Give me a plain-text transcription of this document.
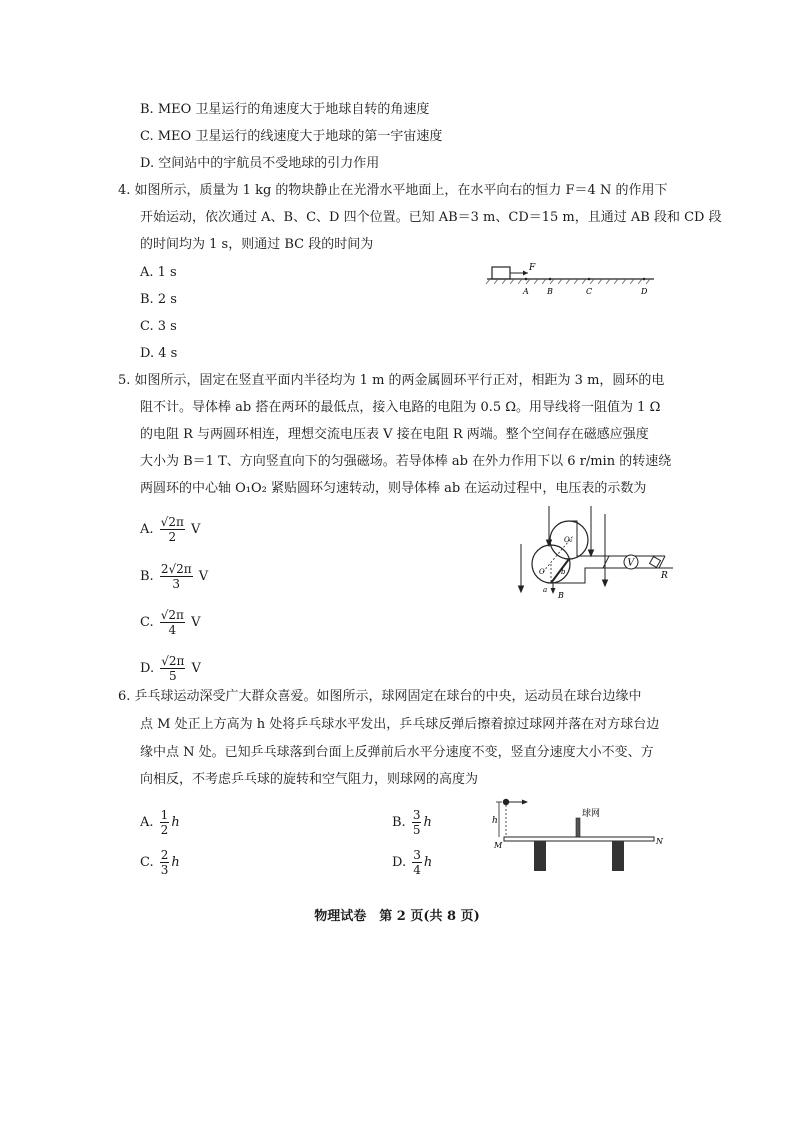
B. MEO 卫星运行的角速度大于地球自转的角速度
C. MEO 卫星运行的线速度大于地球的第一宇宙速度
D. 空间站中的宇航员不受地球的引力作用
4. 如图所示，质量为 1 kg 的物块静止在光滑水平地面上，在水平向右的恒力 F＝4 N 的作用下
开始运动，依次通过 A、B、C、D 四个位置。已知 AB＝3 m、CD＝15 m，且通过 AB 段和 CD 段
的时间均为 1 s，则通过 BC 段的时间为
A. 1 s
B. 2 s
C. 3 s
D. 4 s
F
A B	C	D
5. 如图所示，固定在竖直平面内半径均为 1 m 的两金属圆环平行正对，相距为 3 m，圆环的电
阻不计。导体棒 ab 搭在两环的最低点，接入电路的电阻为 0.5 Ω。用导线将一阻值为 1 Ω
的电阻 R 与两圆环相连，理想交流电压表 V 接在电阻 R 两端。整个空间存在磁感应强度
大小为 B＝1 T、方向竖直向下的匀强磁场。若导体棒 ab 在外力作用下以 6 r/min 的转速绕
两圆环的中心轴 O₁O₂ 紧贴圆环匀速转动，则导体棒 ab 在运动过程中，电压表的示数为
A. $\frac{√2\pi}{2}$ V
B. $\frac{2√2\pi}{3}$ V
C. $\frac{√2\pi}{4}$ V
D. $\frac{√2\pi}{5}$ V
V
R
O₂
O b
a
B
6. 乒乓球运动深受广大群众喜爱。如图所示，球网固定在球台的中央，运动员在球台边缘中
点 M 处正上方高为 h 处将乒乓球水平发出，乒乓球反弹后擦着掠过球网并落在对方球台边
缘中点 N 处。已知乒乓球落到台面上反弹前后水平分速度不变，竖直分速度大小不变、方
向相反，不考虑乒乓球的旋转和空气阻力，则球网的高度为
A. $\frac{1}{2}$ h	B. $\frac{3}{5}$ h
C. $\frac{2}{3}$ h	D. $\frac{3}{4}$ h
h
球网
M	N
物理试卷　第 2 页(共 8 页)
